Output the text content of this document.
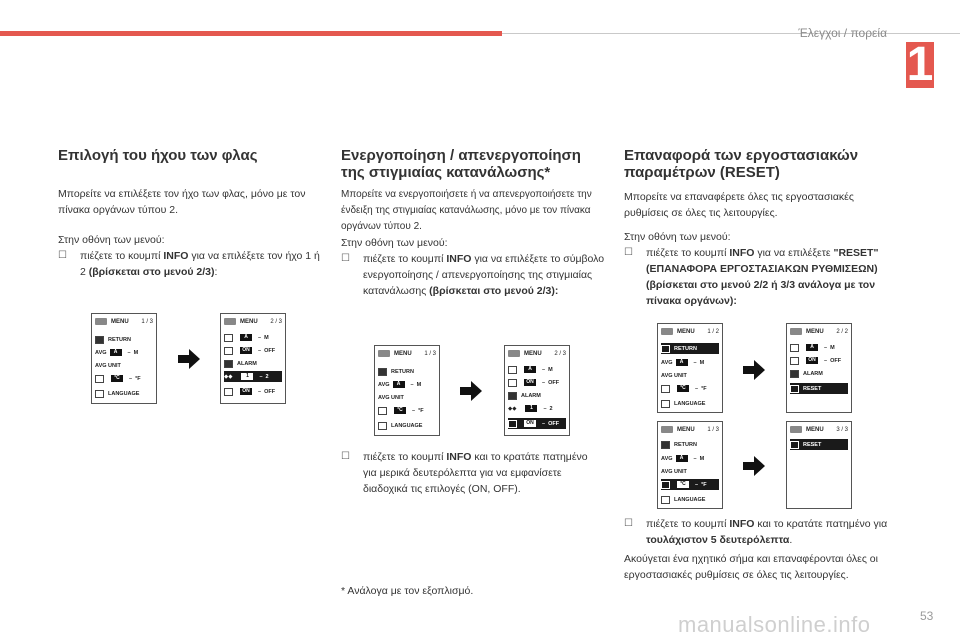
Έλεγχοι / πορεία
1
Επιλογή του ήχου των φλας

Μπορείτε να επιλέξετε τον ήχο των φλας, μόνο με τον πίνακα οργάνων τύπου 2.

Στην οθόνη των μενού:

☐	πιέζετε το κουμπί INFO για να επιλέξετε τον ήχο 1 ή 2 (βρίσκεται στο μενού 2/3):
MENU 1 / 3
RETURN
AVG	A	– M
AVG UNIT
°C	– °F
LANGUAGE
MENU 2 / 3
A	– M
ON	– OFF
ALARM
◆◆	1	– 2
ON	– OFF
Ενεργοποίηση / απενεργοποίηση της στιγμιαίας κατανάλωσης*

Μπορείτε να ενεργοποιήσετε ή να απενεργοποιήσετε την ένδειξη της στιγμιαίας κατανάλωσης, μόνο με τον πίνακα οργάνων τύπου 2.

Στην οθόνη των μενού:

☐	πιέζετε το κουμπί INFO για να επιλέξετε το σύμβολο ενεργοποίησης / απενεργοποίησης της στιγμιαίας κατανάλωσης (βρίσκεται στο μενού 2/3):
☐	πιέζετε το κουμπί INFO και το κρατάτε πατημένο για μερικά δευτερόλεπτα για να εμφανίσετε διαδοχικά τις επιλογές (ON, OFF).

* Ανάλογα με τον εξοπλισμό.

MENU 1 / 3
RETURN
AVG	A	– M
AVG UNIT
°C	– °F
LANGUAGE
MENU 2 / 3
A	– M
ON	– OFF
ALARM
◆◆	1	– 2
ON	– OFF
Επαναφορά των εργοστασιακών παραμέτρων (RESET)

Μπορείτε να επαναφέρετε όλες τις εργοστασιακές ρυθμίσεις σε όλες τις λειτουργίες.

Στην οθόνη των μενού:

☐	πιέζετε το κουμπί INFO για να επιλέξετε "RESET" (ΕΠΑΝΑΦΟΡΑ ΕΡΓΟΣΤΑΣΙΑΚΩΝ ΡΥΘΜΙΣΕΩΝ) (βρίσκεται στο μενού 2/2 ή 3/3 ανάλογα με τον πίνακα οργάνων):
☐	πιέζετε το κουμπί INFO και το κρατάτε πατημένο για τουλάχιστον 5 δευτερόλεπτα.

Ακούγεται ένα ηχητικό σήμα και επαναφέρονται όλες οι εργοστασιακές ρυθμίσεις σε όλες τις λειτουργίες.

MENU 1 / 2
RETURN
AVG	A	– M
AVG UNIT
°C	– °F
LANGUAGE
MENU 2 / 2
A	– M
ON	– OFF
ALARM
RESET
MENU 1 / 3
RETURN
AVG	A	– M
AVG UNIT
°C	– °F
LANGUAGE
MENU 3 / 3
RESET
manualsonline.info	53
